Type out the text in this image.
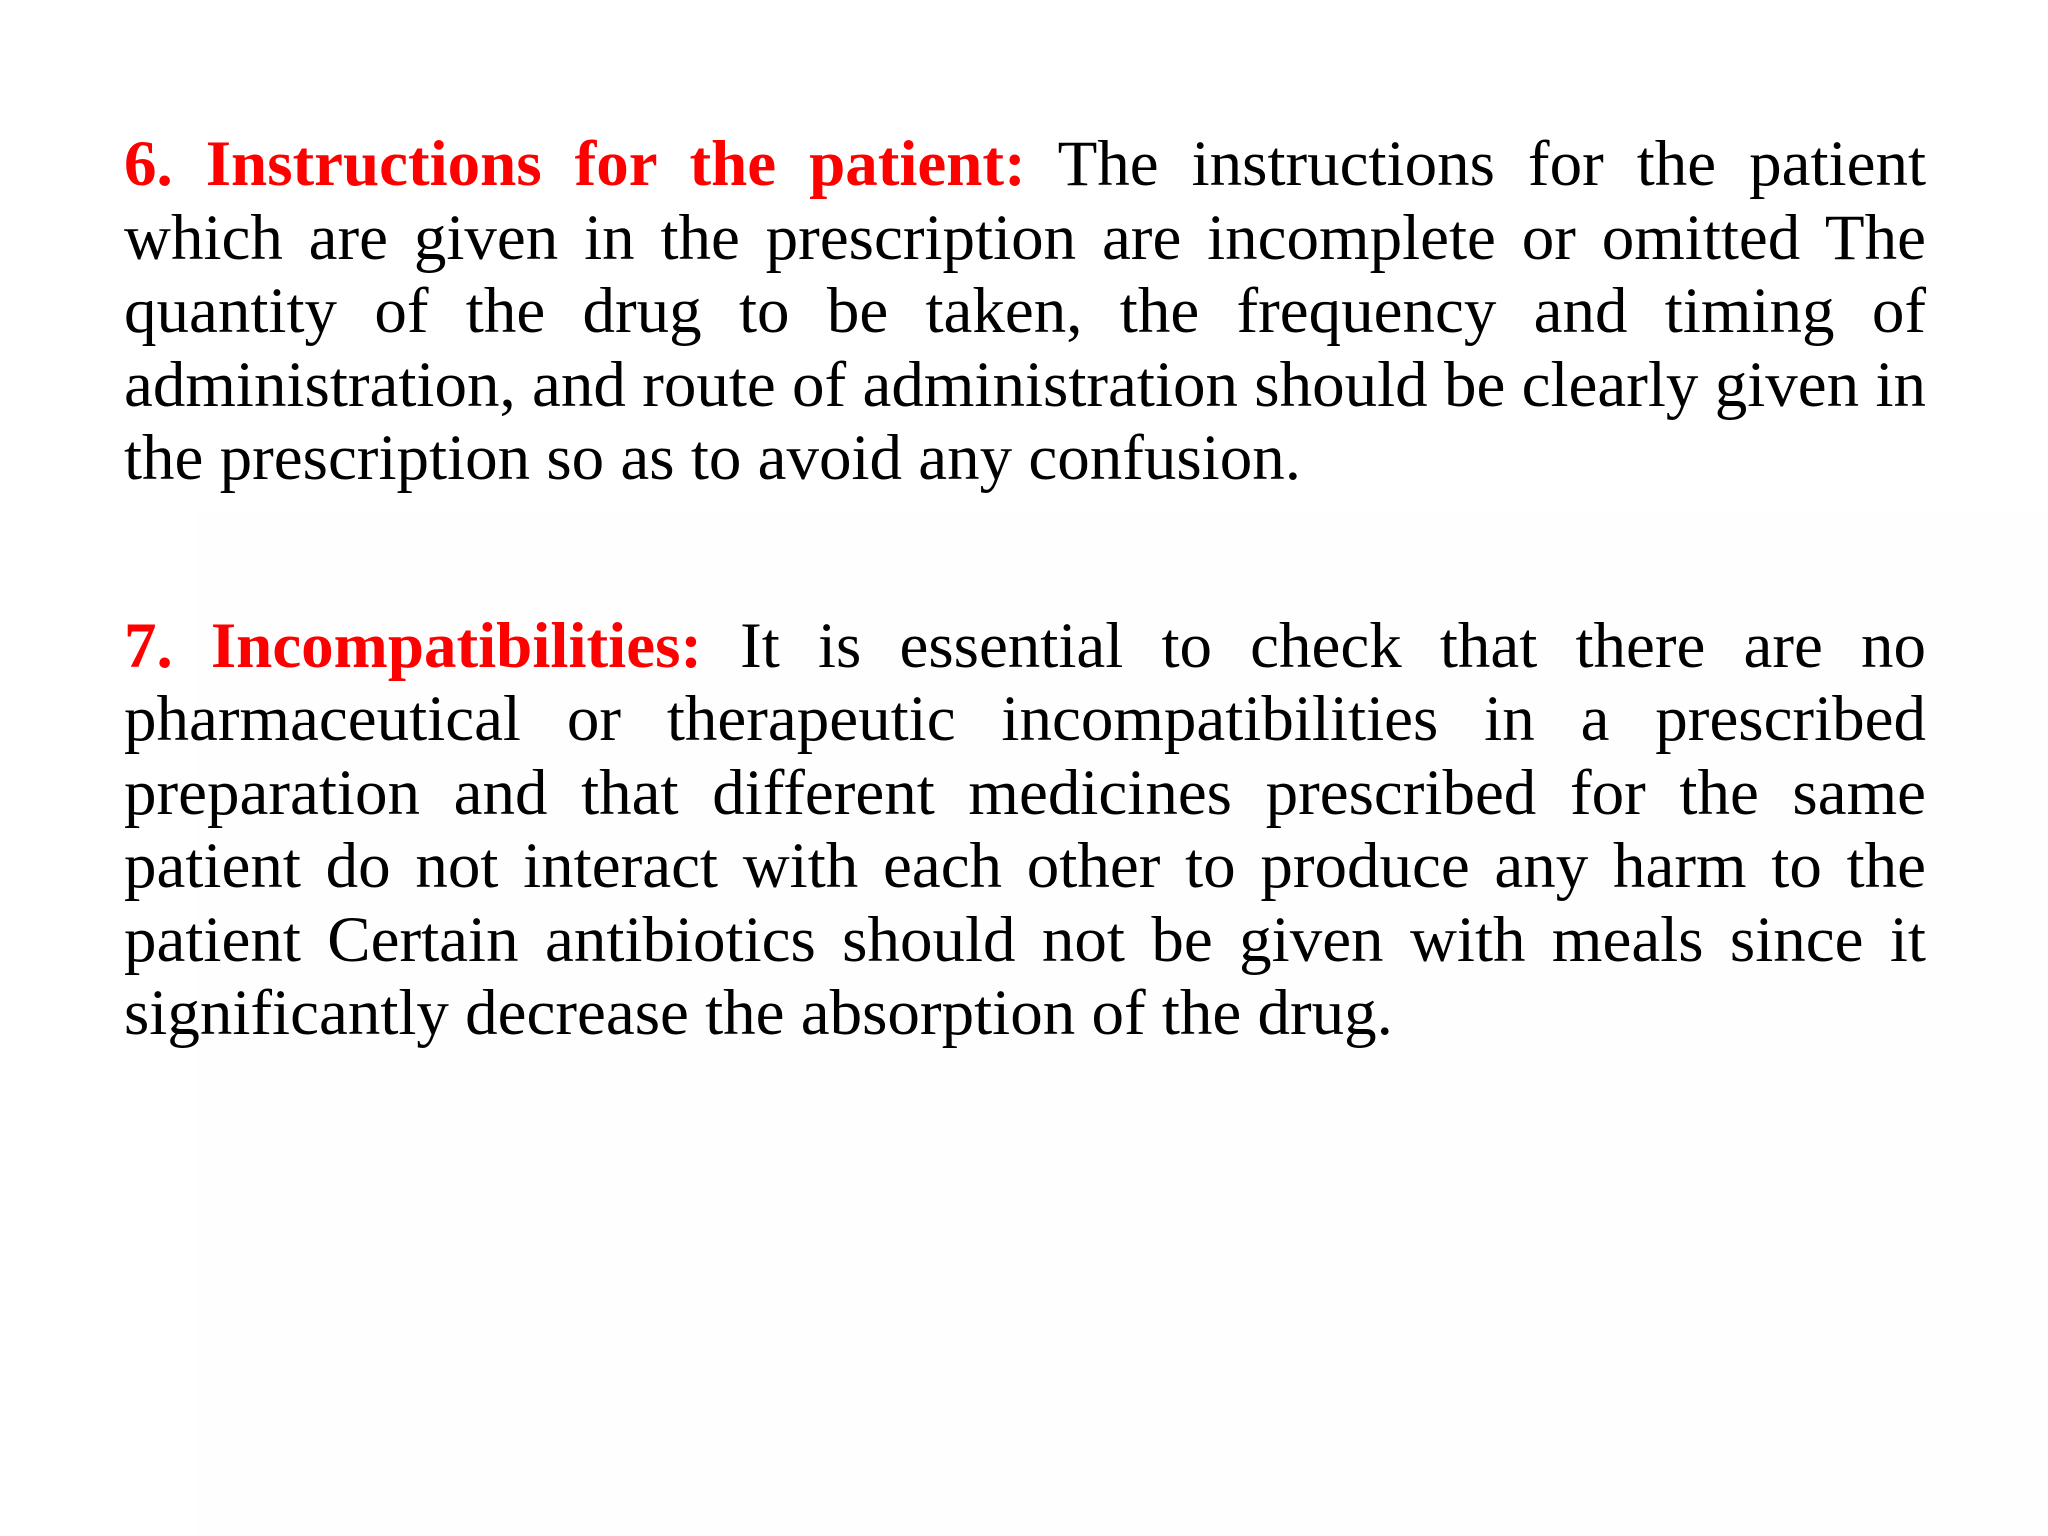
6. Instructions for the patient: The instructions for the patient which are given in the prescription are incomplete or omitted The quantity of the drug to be taken, the frequency and timing of administration, and route of administration should be clearly given in the prescription so as to avoid any confusion.

7. Incompatibilities: It is essential to check that there are no pharmaceutical or therapeutic incompatibilities in a prescribed preparation and that different medicines prescribed for the same patient do not interact with each other to produce any harm to the patient Certain antibiotics should not be given with meals since it significantly decrease the absorption of the drug.
